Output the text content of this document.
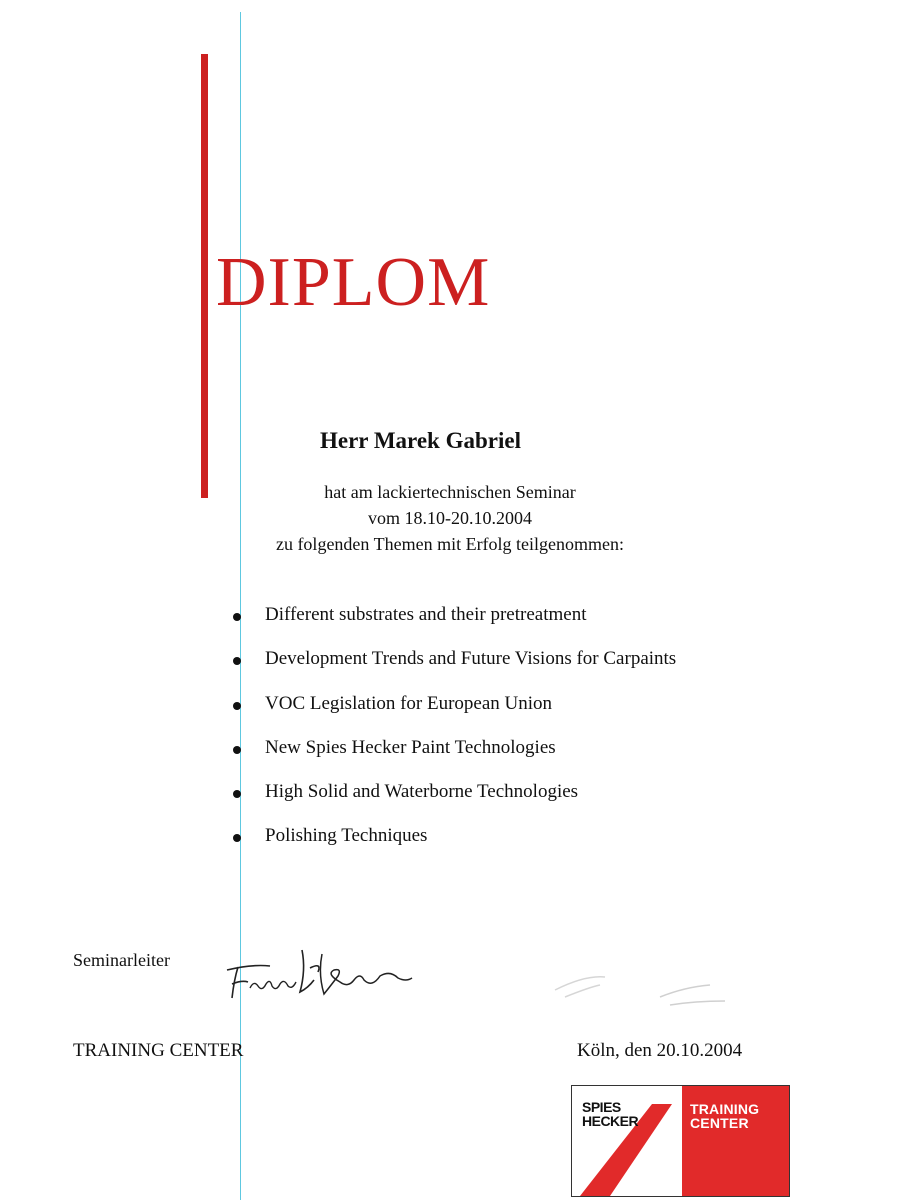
DIPLOM
Herr Marek Gabriel
hat am lackiertechnischen Seminar
vom 18.10-20.10.2004
zu folgenden Themen mit Erfolg teilgenommen:
Different substrates and their pretreatment
Development Trends and Future Visions for Carpaints
VOC Legislation for European Union
New Spies Hecker Paint Technologies
High Solid and Waterborne Technologies
Polishing Techniques
Seminarleiter
TRAINING CENTER	Köln, den 20.10.2004
SPIES
HECKER
TRAINING
CENTER
